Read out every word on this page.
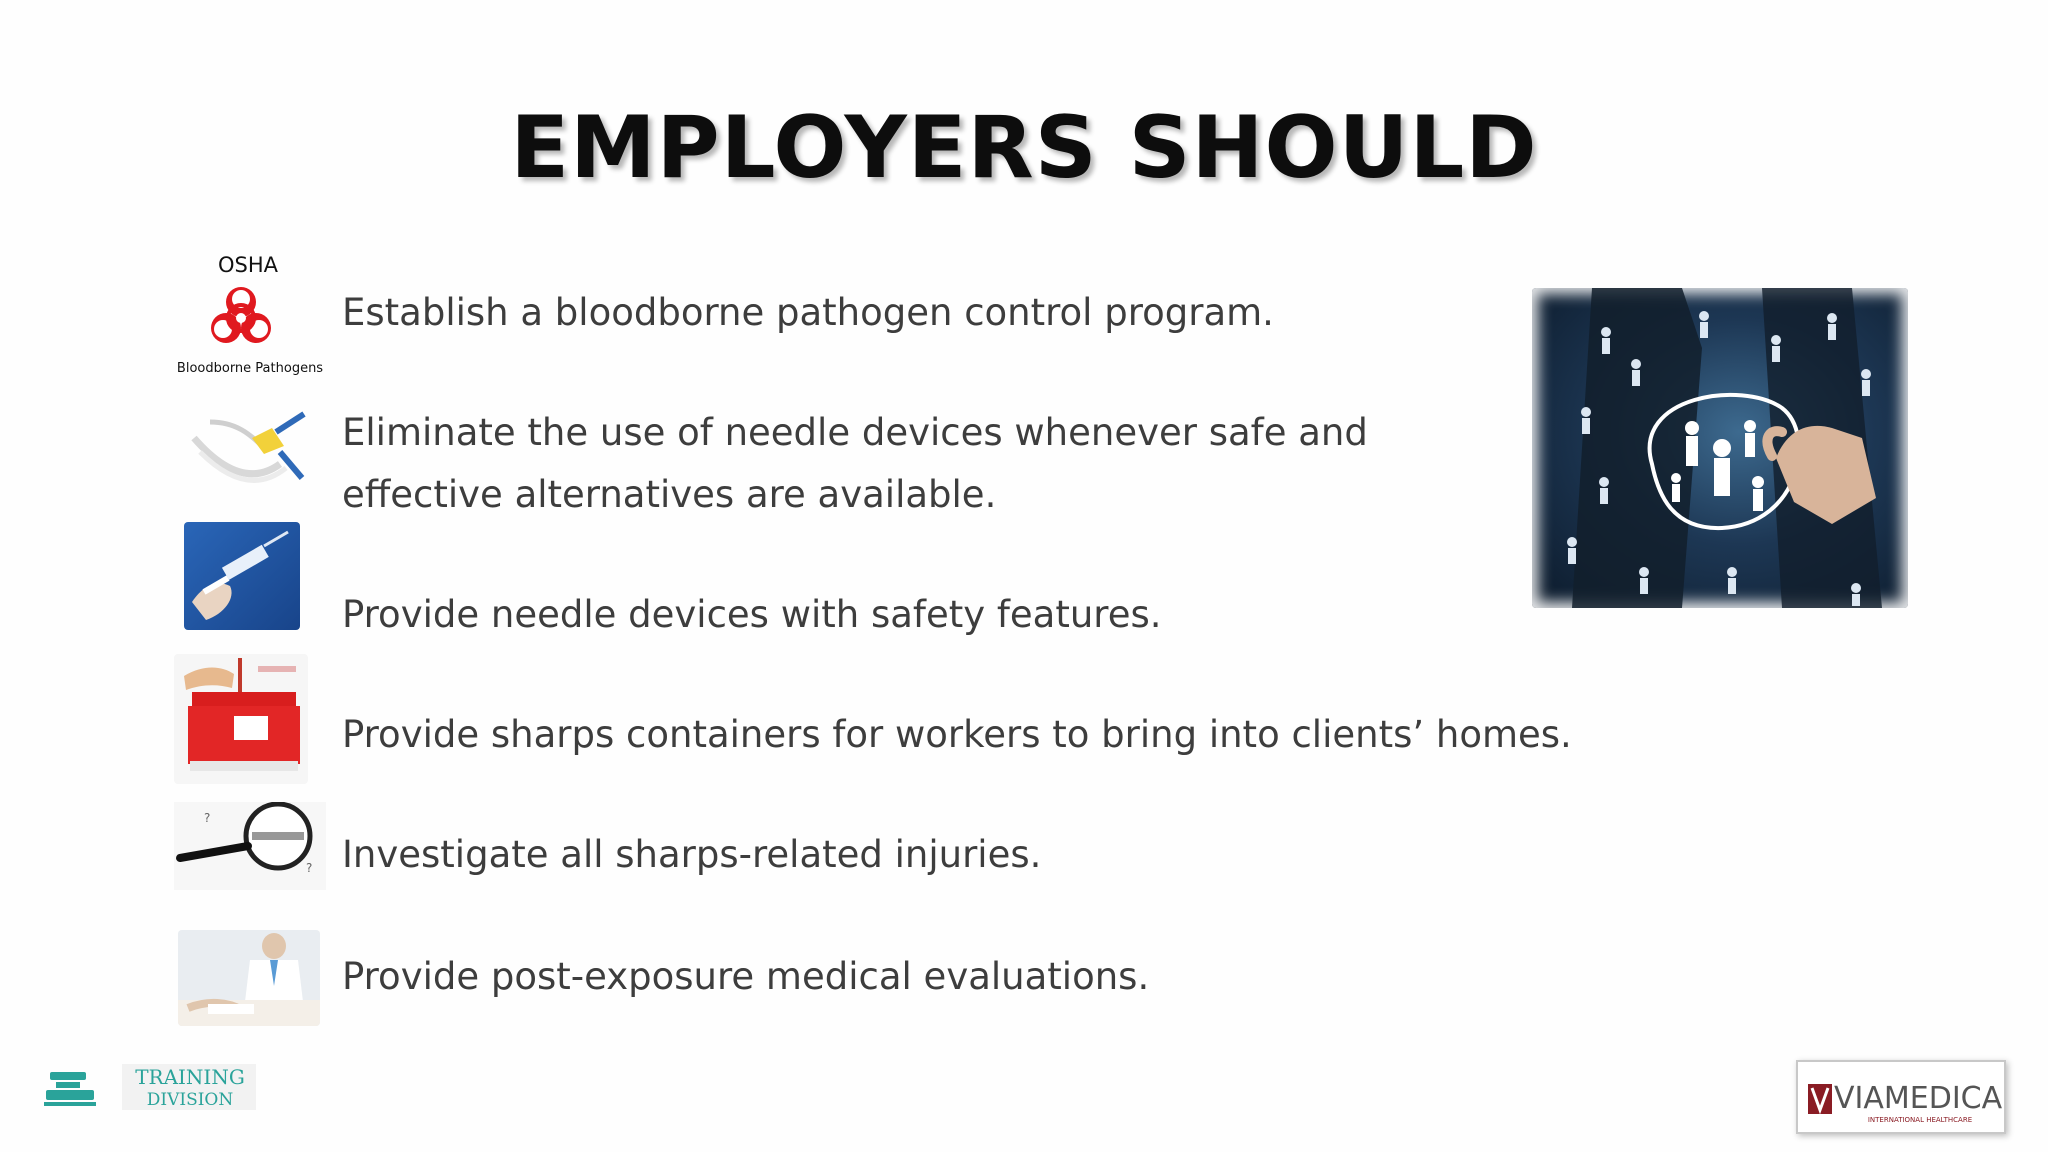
EMPLOYERS SHOULD
OSHA
Bloodborne Pathogens
Establish a bloodborne pathogen control program.
Eliminate the use of needle devices whenever safe and
effective alternatives are available.
Provide needle devices with safety features.
Provide sharps containers for workers to bring into clients’ homes.
?
? Investigate all sharps-related injuries.
Provide post-exposure medical evaluations.
TRAINING
DIVISION	VIAMEDICA
INTERNATIONAL HEALTHCARE
